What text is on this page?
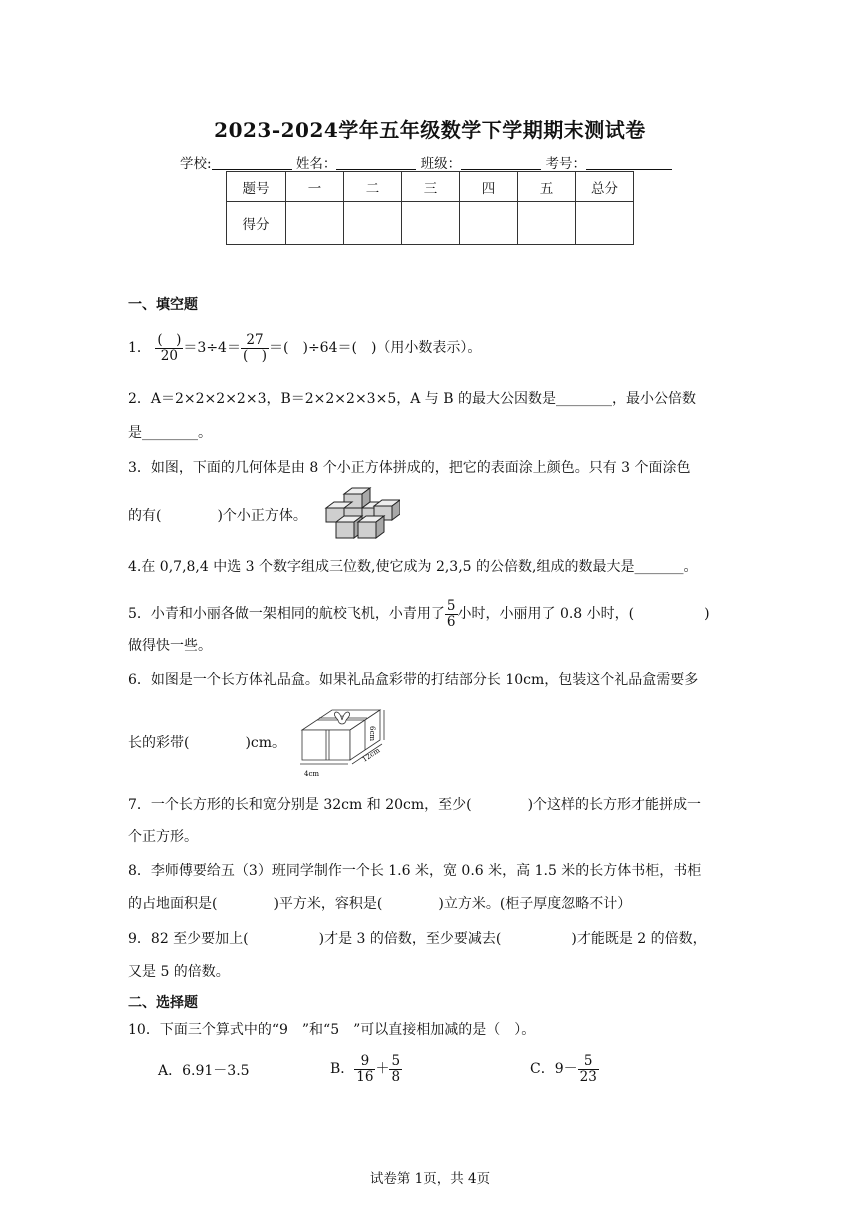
2023-2024学年五年级数学下学期期末测试卷
学校:	姓名：	班级：	考号：
题号	一	二	三	四	五	总分
得分						
一、填空题
1． $\frac{( )}{20} =3\div 4= \frac{27}{( )}$ ＝(　)÷64＝(　)（用小数表示）。
2．A＝2×2×2×2×3，B＝2×2×2×3×5，A 与 B 的最大公因数是________，最小公倍数
是________。
3．如图，下面的几何体是由 8 个小正方体拼成的，把它的表面涂上颜色。只有 3 个面涂色
的有(　　　　)个小正方体。
4.在 0,7,8,4 中选 3 个数字组成三位数,使它成为 2,3,5 的公倍数,组成的数最大是_______。
5．小青和小丽各做一架相同的航校飞机，小青用了 $\frac{5}{6}$ 小时，小丽用了 0.8 小时，(　　　　　)
做得快一些。
6．如图是一个长方体礼品盒。如果礼品盒彩带的打结部分长 10cm，包装这个礼品盒需要多
长的彩带(　　　　)cm。
6cm
12cm
4cm
7．一个长方形的长和宽分别是 32cm 和 20cm，至少(　　　　)个这样的长方形才能拼成一
个正方形。
8．李师傅要给五（3）班同学制作一个长 1.6 米，宽 0.6 米，高 1.5 米的长方体书柜，书柜
的占地面积是(　　　　)平方米，容积是(　　　　)立方米。(柜子厚度忽略不计）
9．82 至少要加上(　　　　　)才是 3 的倍数，至少要减去(　　　　　)才能既是 2 的倍数，
又是 5 的倍数。
二、选择题
10．下面三个算式中的“9　”和“5　”可以直接相加减的是（　）。
A．6.91－3.5	B． $\frac{9}{16} + \frac{5}{8}$	C．$9- \frac{5}{23}$
试卷第 1页，共 4页
